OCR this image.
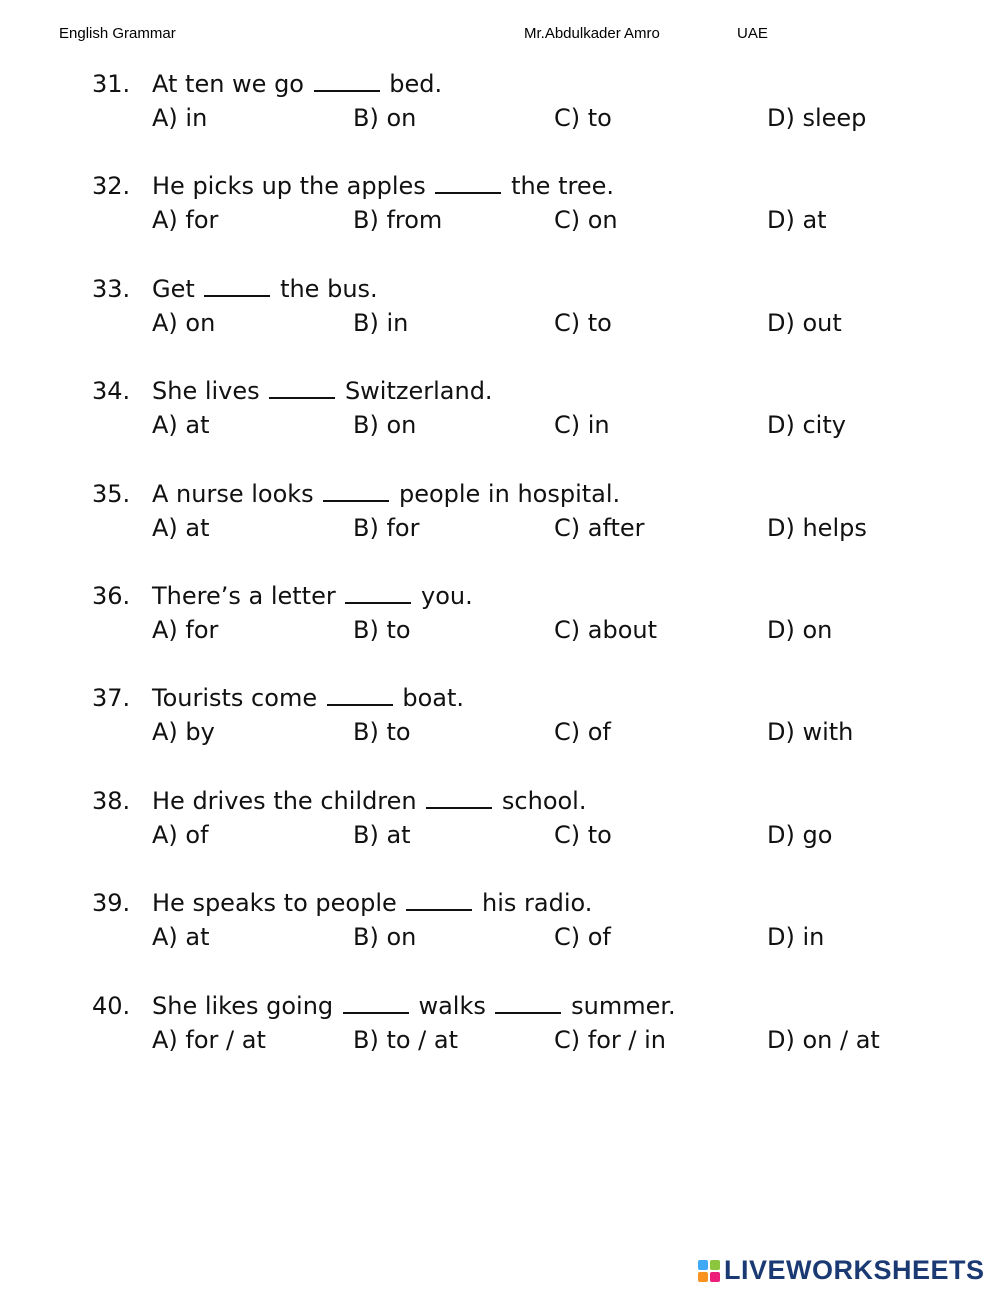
English Grammar	Mr.Abdulkader Amro	UAE
31. At ten we go	bed.
A) in	B) on	C) to	D) sleep
32. He picks up the apples	the tree.
A) for	B) from	C) on	D) at
33. Get	the bus.
A) on	B) in	C) to	D) out
34. She lives	Switzerland.
A) at	B) on	C) in	D) city
35. A nurse looks	people in hospital.
A) at	B) for	C) after	D) helps
36. There’s a letter	you.
A) for	B) to	C) about	D) on
37. Tourists come	boat.
A) by	B) to	C) of	D) with
38. He drives the children	school.
A) of	B) at	C) to	D) go
39. He speaks to people	his radio.
A) at	B) on	C) of	D) in
40. She likes going	walks	summer.
A) for / at	B) to / at	C) for / in	D) on / at
LIVEWORKSHEETS
